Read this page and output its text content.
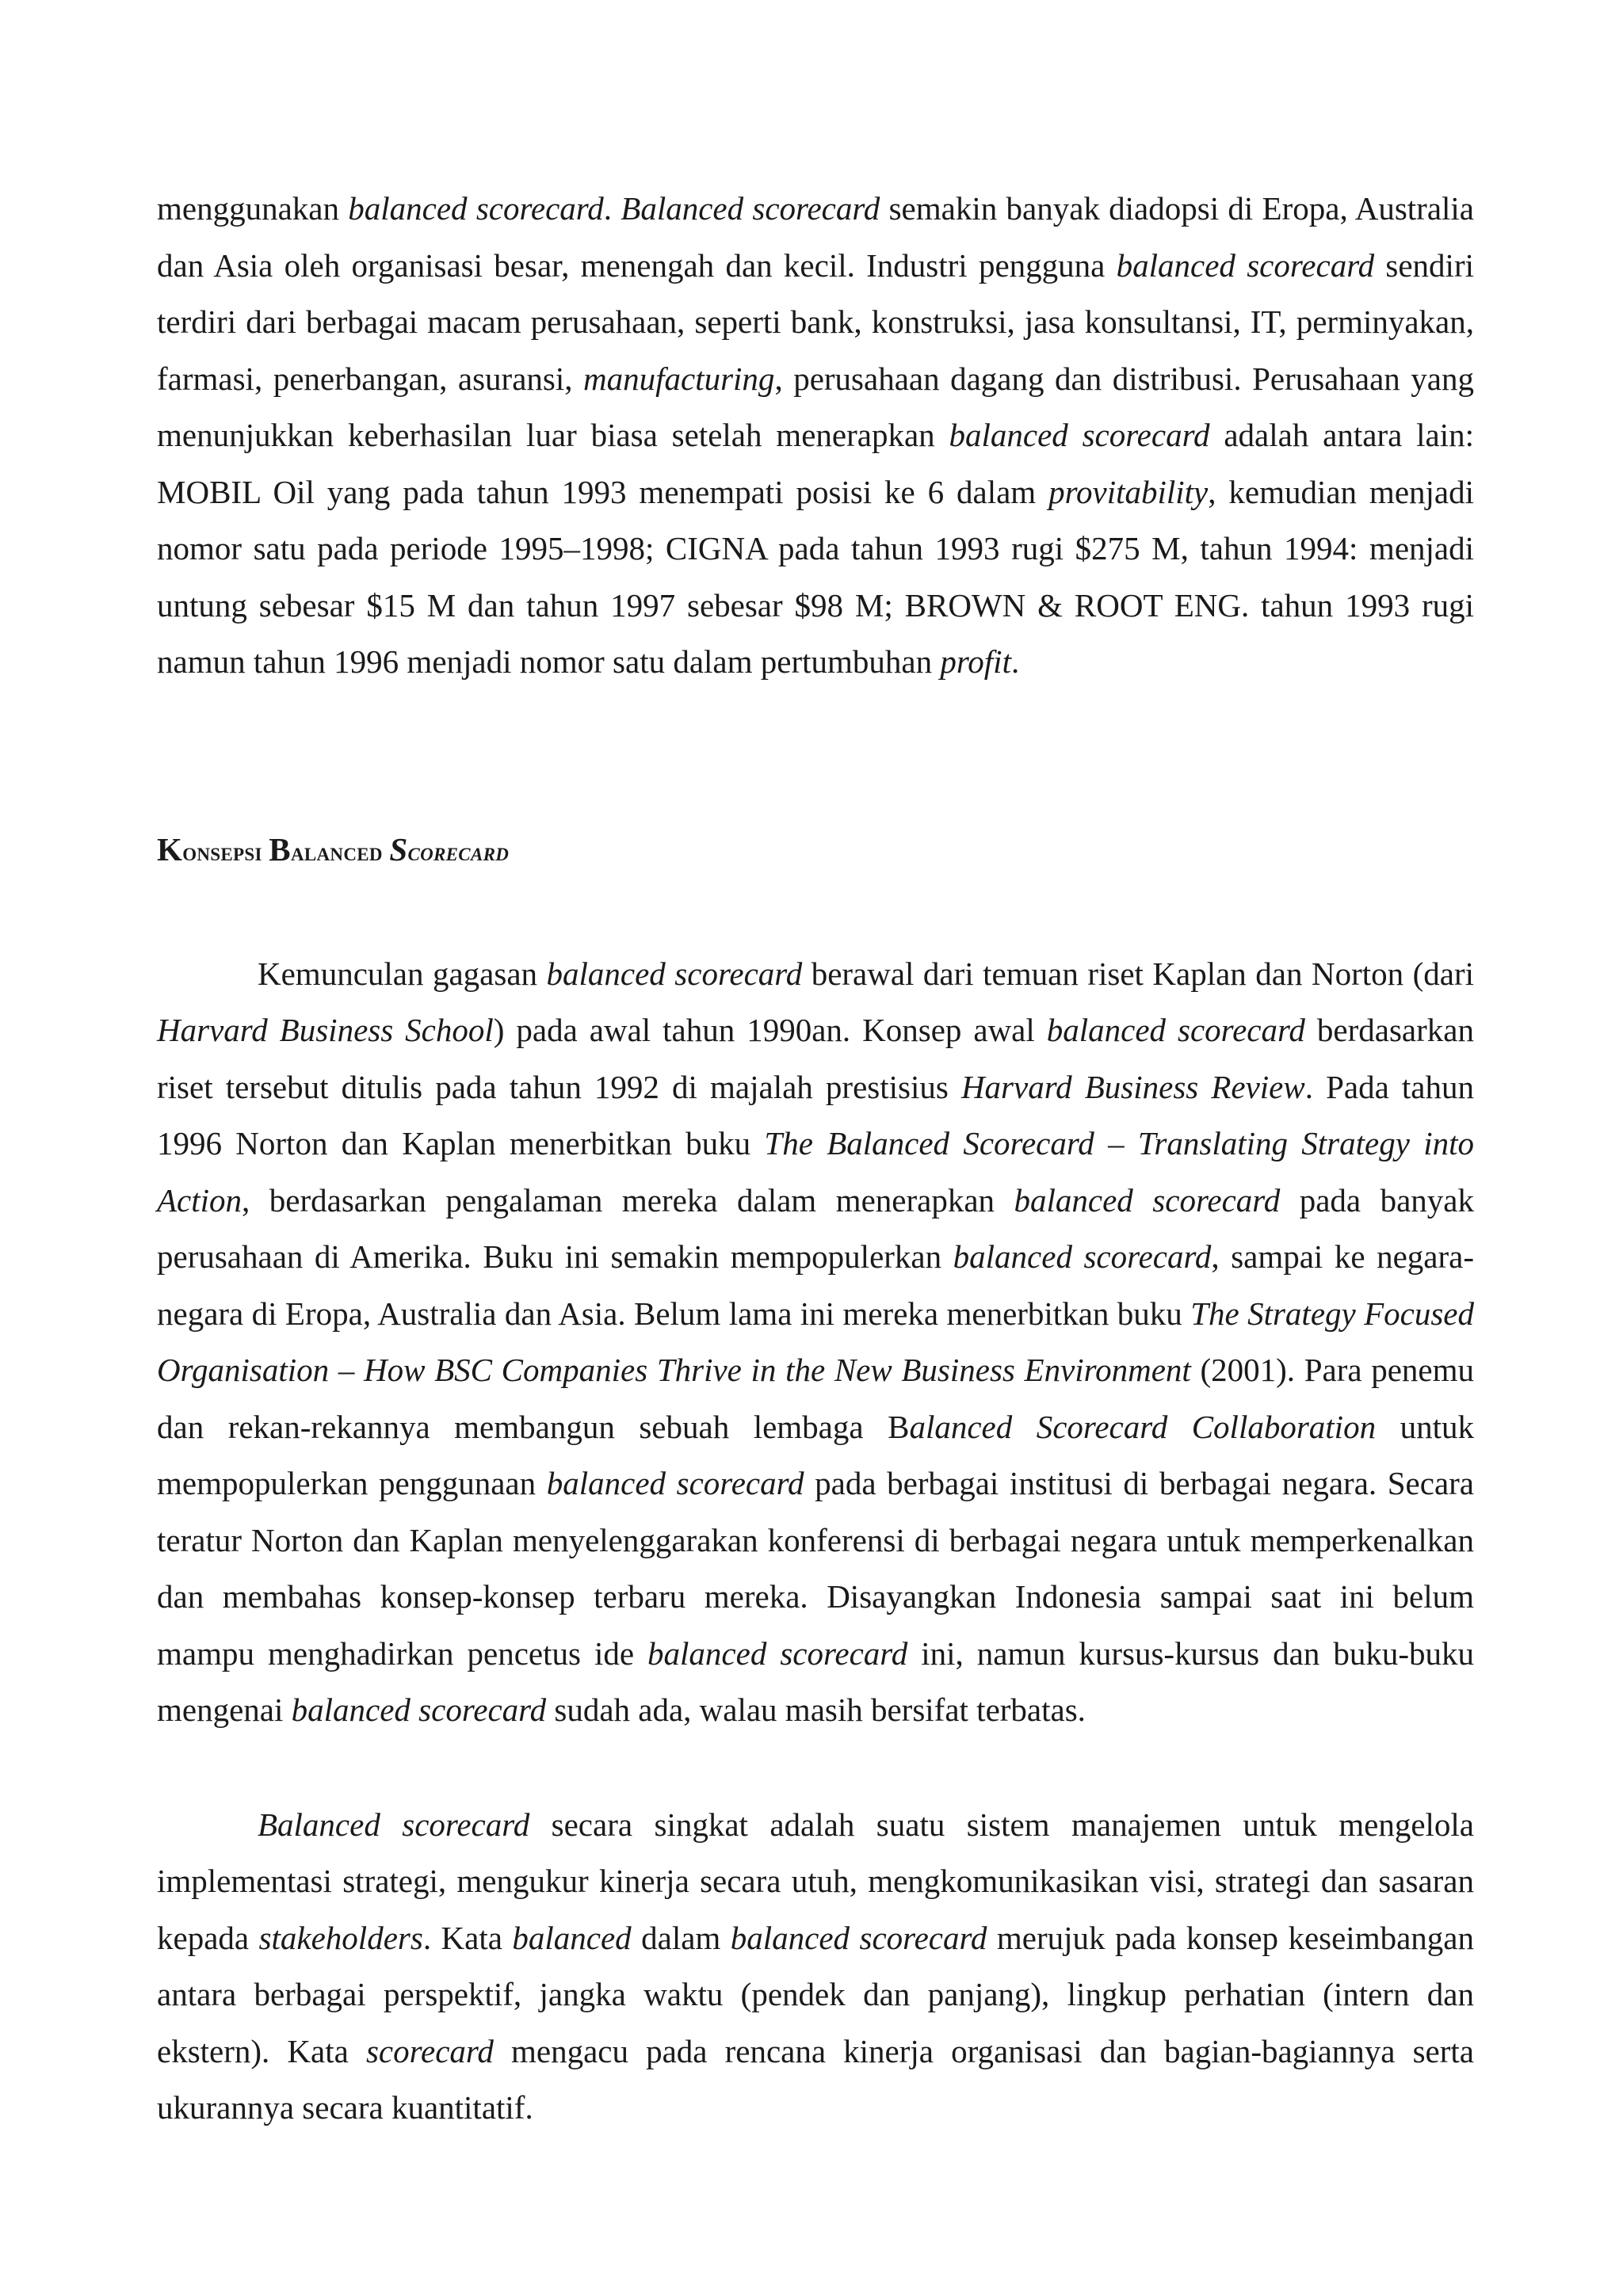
menggunakan balanced scorecard. Balanced scorecard semakin banyak diadopsi di Eropa, Australia dan Asia oleh organisasi besar, menengah dan kecil. Industri pengguna balanced scorecard sendiri terdiri dari berbagai macam perusahaan, seperti bank, konstruksi, jasa konsultansi, IT, perminyakan, farmasi, penerbangan, asuransi, manufacturing, perusahaan dagang dan distribusi. Perusahaan yang menunjukkan keberhasilan luar biasa setelah menerapkan balanced scorecard adalah antara lain: MOBIL Oil yang pada tahun 1993 menempati posisi ke 6 dalam provitability, kemudian menjadi nomor satu pada periode 1995–1998; CIGNA pada tahun 1993 rugi $275 M, tahun 1994: menjadi untung sebesar $15 M dan tahun 1997 sebesar $98 M; BROWN & ROOT ENG. tahun 1993 rugi namun tahun 1996 menjadi nomor satu dalam pertumbuhan profit.

Konsepsi Balanced Scorecard

Kemunculan gagasan balanced scorecard berawal dari temuan riset Kaplan dan Norton (dari Harvard Business School) pada awal tahun 1990an. Konsep awal balanced scorecard berdasarkan riset tersebut ditulis pada tahun 1992 di majalah prestisius Harvard Business Review. Pada tahun 1996 Norton dan Kaplan menerbitkan buku The Balanced Scorecard – Translating Strategy into Action, berdasarkan pengalaman mereka dalam menerapkan balanced scorecard pada banyak perusahaan di Amerika. Buku ini semakin mempopulerkan balanced scorecard, sampai ke negara-negara di Eropa, Australia dan Asia. Belum lama ini mereka menerbitkan buku The Strategy Focused Organisation – How BSC Companies Thrive in the New Business Environment (2001). Para penemu dan rekan-rekannya membangun sebuah lembaga Balanced Scorecard Collaboration untuk mempopulerkan penggunaan balanced scorecard pada berbagai institusi di berbagai negara. Secara teratur Norton dan Kaplan menyelenggarakan konferensi di berbagai negara untuk memperkenalkan dan membahas konsep-konsep terbaru mereka. Disayangkan Indonesia sampai saat ini belum mampu menghadirkan pencetus ide balanced scorecard ini, namun kursus-kursus dan buku-buku mengenai balanced scorecard sudah ada, walau masih bersifat terbatas.

Balanced scorecard secara singkat adalah suatu sistem manajemen untuk mengelola implementasi strategi, mengukur kinerja secara utuh, mengkomunikasikan visi, strategi dan sasaran kepada stakeholders. Kata balanced dalam balanced scorecard merujuk pada konsep keseimbangan antara berbagai perspektif, jangka waktu (pendek dan panjang), lingkup perhatian (intern dan ekstern). Kata scorecard mengacu pada rencana kinerja organisasi dan bagian-bagiannya serta ukurannya secara kuantitatif.
